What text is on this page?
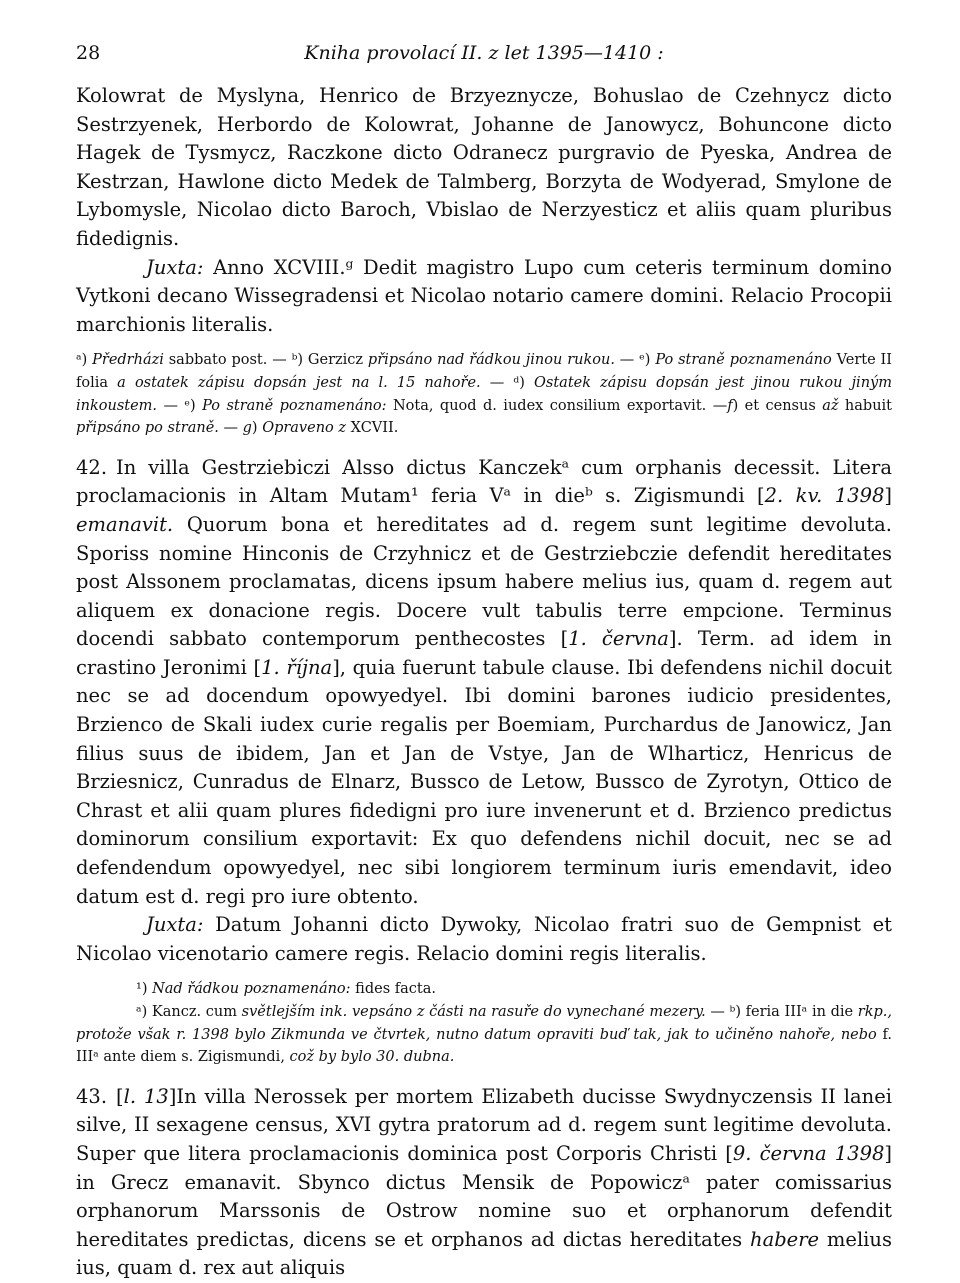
28	Kniha provolací II. z let 1395—1410 :

Kolowrat de Myslyna, Henrico de Brzyeznycze, Bohuslao de Czehnycz dicto Sestrzyenek, Herbordo de Kolowrat, Johanne de Janowycz, Bohuncone dicto Hagek de Tysmycz, Raczkone dicto Odranecz purgravio de Pyeska, Andrea de Kestrzan, Hawlone dicto Medek de Talmberg, Borzyta de Wodyerad, Smylone de Lybomysle, Nicolao dicto Baroch, Vbislao de Nerzyesticz et aliis quam pluribus fidedignis.

Juxta: Anno XCVIII.ᵍ Dedit magistro Lupo cum ceteris terminum domino Vytkoni decano Wissegradensi et Nicolao notario camere domini. Relacio Procopii marchionis literalis.

ᵃ) Předrházi sabbato post. — ᵇ) Gerzicz připsáno nad řádkou jinou rukou. — ᵉ) Po straně poznamenáno Verte II folia a ostatek zápisu dopsán jest na l. 15 nahoře. — ᵈ) Ostatek zápisu dopsán jest jinou rukou jiným inkoustem. — ᵉ) Po straně poznamenáno: Nota, quod d. iudex consilium exportavit. —f) et census až habuit připsáno po straně. — g) Opraveno z XCVII.

42. In villa Gestrziebiczi Alsso dictus Kanczekᵃ cum orphanis decessit. Litera proclamacionis in Altam Mutam¹ feria Vᵃ in dieᵇ s. Zigismundi [2. kv. 1398] emanavit. Quorum bona et hereditates ad d. regem sunt legitime devoluta. Sporiss nomine Hinconis de Crzyhnicz et de Gestrziebczie defendit hereditates post Alssonem proclamatas, dicens ipsum habere melius ius, quam d. regem aut aliquem ex donacione regis. Docere vult tabulis terre empcione. Terminus docendi sabbato contemporum penthecostes [1. června]. Term. ad idem in crastino Jeronimi [1. října], quia fuerunt tabule clause. Ibi defendens nichil docuit nec se ad docendum opowyedyel. Ibi domini barones iudicio presidentes, Brzienco de Skali iudex curie regalis per Boemiam, Purchardus de Janowicz, Jan filius suus de ibidem, Jan et Jan de Vstye, Jan de Wlharticz, Henricus de Brziesnicz, Cunradus de Elnarz, Bussco de Letow, Bussco de Zyrotyn, Ottico de Chrast et alii quam plures fidedigni pro iure invenerunt et d. Brzienco predictus dominorum consilium exportavit: Ex quo defendens nichil docuit, nec se ad defendendum opowyedyel, nec sibi longiorem terminum iuris emendavit, ideo datum est d. regi pro iure obtento.

Juxta: Datum Johanni dicto Dywoky, Nicolao fratri suo de Gempnist et Nicolao vicenotario camere regis. Relacio domini regis literalis.

¹) Nad řádkou poznamenáno: fides facta.

ᵃ) Kancz. cum světlejším ink. vepsáno z části na rasuře do vynechané mezery. — ᵇ) feria IIIᵃ in die rkp., protože však r. 1398 bylo Zikmunda ve čtvrtek, nutno datum opraviti buď tak, jak to učiněno nahoře, nebo f. IIIᵃ ante diem s. Zigismundi, což by bylo 30. dubna.

43. [l. 13]In villa Nerossek per mortem Elizabeth ducisse Swydnyczensis II lanei silve, II sexagene census, XVI gytra pratorum ad d. regem sunt legitime devoluta. Super que litera proclamacionis dominica post Corporis Christi [9. června 1398] in Grecz emanavit. Sbynco dictus Mensik de Popowiczᵃ pater comissarius orphanorum Marssonis de Ostrow nomine suo et orphanorum defendit hereditates predictas, dicens se et orphanos ad dictas hereditates habere melius ius, quam d. rex aut aliquis
